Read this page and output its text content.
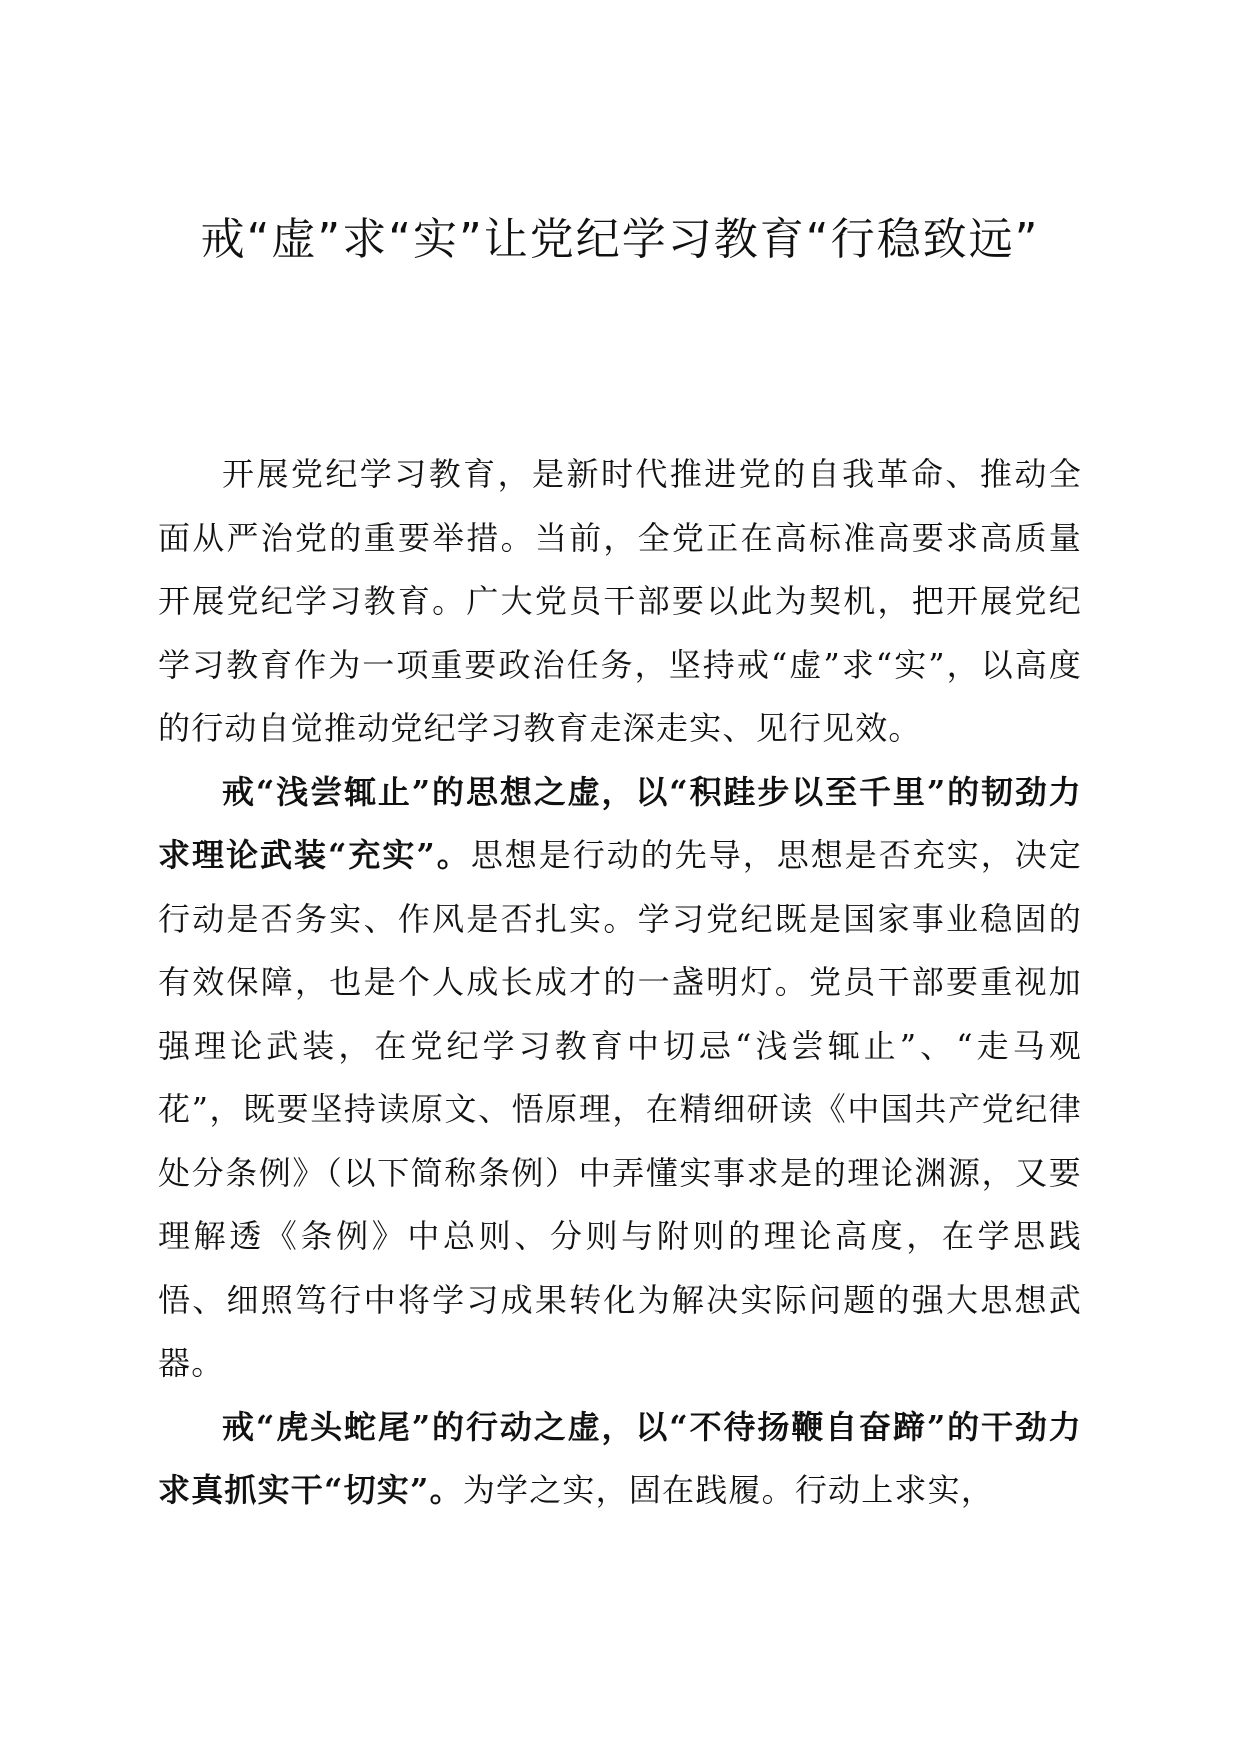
戒“虚”求“实”让党纪学习教育“行稳致远”

开展党纪学习教育，是新时代推进党的自我革命、推动全面从严治党的重要举措。当前，全党正在高标准高要求高质量开展党纪学习教育。广大党员干部要以此为契机，把开展党纪学习教育作为一项重要政治任务，坚持戒“虚”求“实”，以高度的行动自觉推动党纪学习教育走深走实、见行见效。

戒“浅尝辄止”的思想之虚，以“积跬步以至千里”的韧劲力求理论武装“充实”。思想是行动的先导，思想是否充实，决定行动是否务实、作风是否扎实。学习党纪既是国家事业稳固的有效保障，也是个人成长成才的一盏明灯。党员干部要重视加强理论武装，在党纪学习教育中切忌“浅尝辄止”、“走马观花”，既要坚持读原文、悟原理，在精细研读《中国共产党纪律处分条例》（以下简称条例）中弄懂实事求是的理论渊源，又要理解透《条例》中总则、分则与附则的理论高度，在学思践悟、细照笃行中将学习成果转化为解决实际问题的强大思想武器。

戒“虎头蛇尾”的行动之虚，以“不待扬鞭自奋蹄”的干劲力求真抓实干“切实”。为学之实，固在践履。行动上求实，
